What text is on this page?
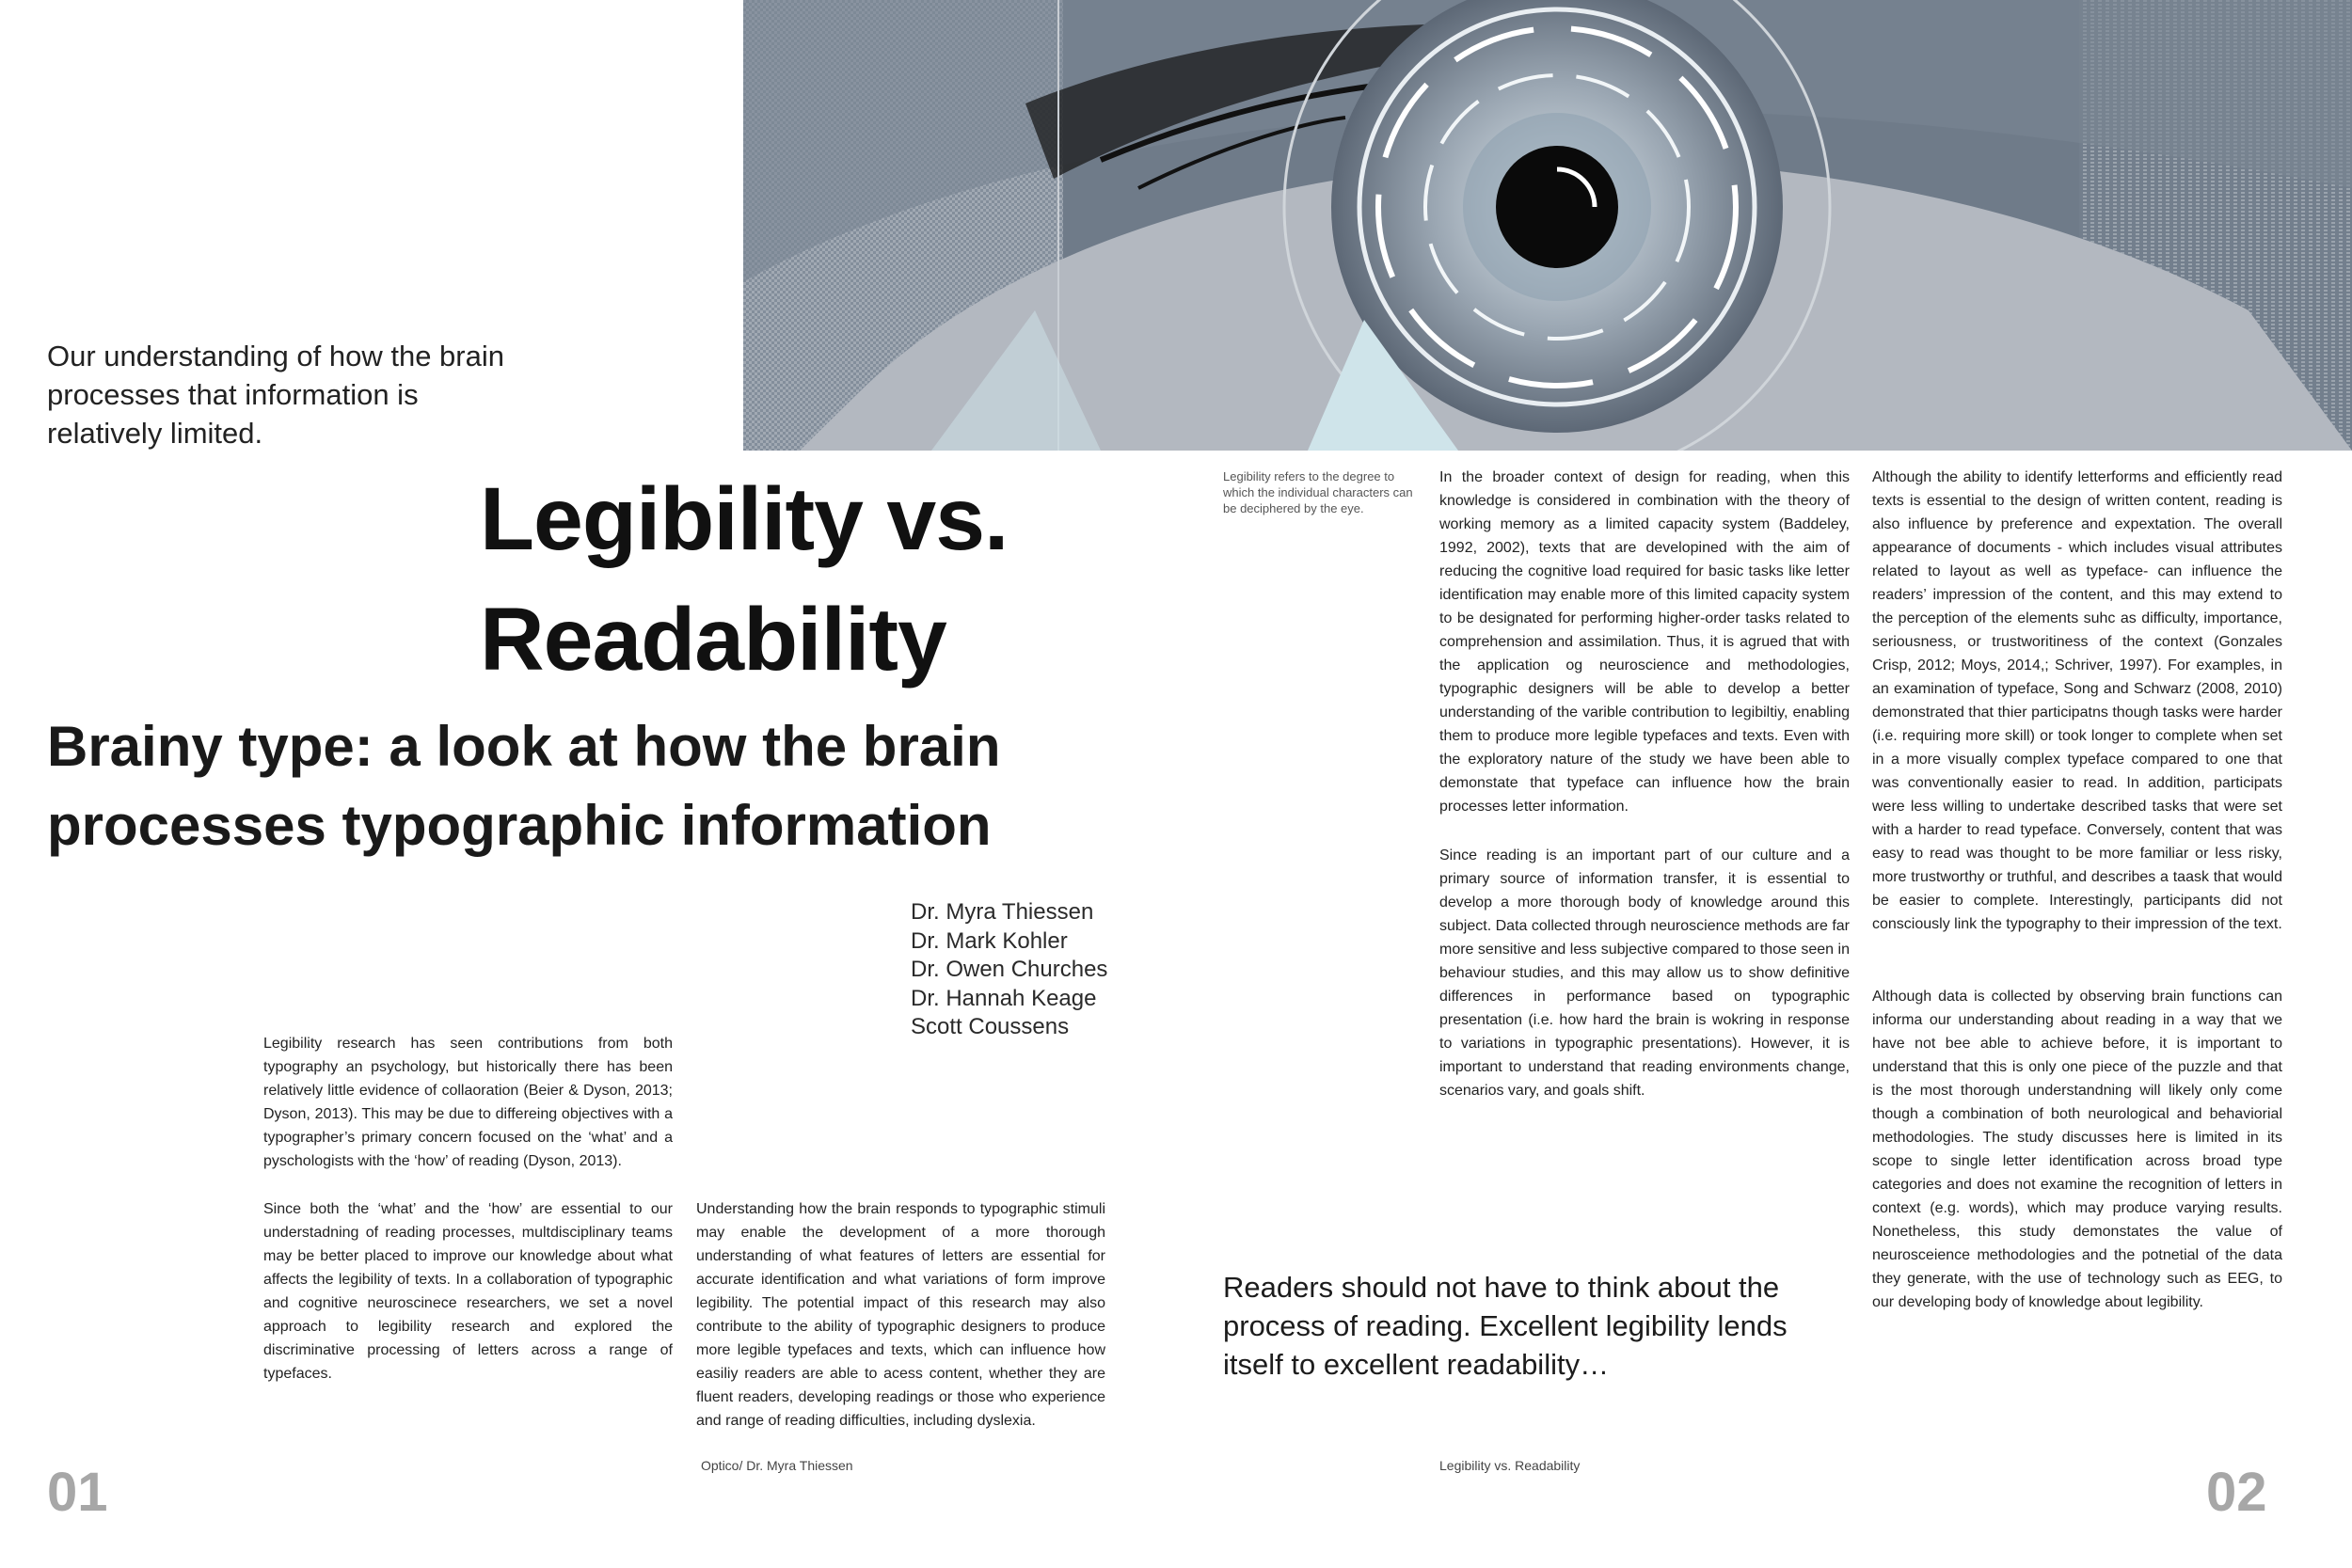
Our understanding of how the brain processes that information is relatively limited.

Legibility vs.
Readability
Brainy type: a look at how the brain
processes typographic information
Dr. Myra Thiessen
Dr. Mark Kohler
Dr. Owen Churches
Dr. Hannah Keage
Scott Coussens

Legibility research has seen contributions from both typography an psychology, but historically there has been relatively little evidence of collaoration (Beier & Dyson, 2013; Dyson, 2013). This may be due to differeing objectives with a typographer’s primary concern focused on the ‘what’ and a pyschologists with the ‘how’ of reading (Dyson, 2013).

Since both the ‘what’ and the ‘how’ are essential to our understadning of reading processes, multdisciplinary teams may be better placed to improve our knowledge about what affects the legibility of texts. In a collaboration of typographic and cognitive neuroscinece researchers, we set a novel approach to legibility research and explored the discriminative processing of letters across a range of typefaces.

Understanding how the brain responds to typographic stimuli may enable the development of a more thorough understanding of what features of letters are essential for accurate identification and what variations of form improve legibility. The potential impact of this research may also contribute to the ability of typographic designers to produce more legible typefaces and texts, which can influence how easiliy readers are able to acess content, whether they are fluent readers, developing readings or those who experience and range of reading difficulties, including dyslexia.

Optico/ Dr. Myra Thiessen
01

Legibility refers to the degree to which the individual characters can be deciphered by the eye.

In the broader context of design for reading, when this knowledge is considered in combination with the theory of working memory as a limited capacity system (Baddeley, 1992, 2002), texts that are developined with the aim of reducing the cognitive load required for basic tasks like letter identification may enable more of this limited capacity system to be designated for performing higher-order tasks related to comprehension and assimilation. Thus, it is agrued that with the application og neuroscience and methodologies, typographic designers will be able to develop a better understanding of the varible contribution to legibiltiy, enabling them to produce more legible typefaces and texts. Even with the exploratory nature of the study we have been able to demonstate that typeface can influence how the brain processes letter information.

Since reading is an important part of our culture and a primary source of information transfer, it is essential to develop a more thorough body of knowledge around this subject. Data collected through neuroscience methods are far more sensitive and less subjective compared to those seen in behaviour studies, and this may allow us to show definitive differences in performance based on typographic presentation (i.e. how hard the brain is wokring in response to variations in typographic presentations). However, it is important to understand that reading environments change, scenarios vary, and goals shift.

Although the ability to identify letterforms and efficiently read texts is essential to the design of written content, reading is also influence by preference and expextation. The overall appearance of documents - which includes visual attributes related to layout as well as typeface- can influence the readers’ impression of the content, and this may extend to the perception of the elements suhc as difficulty, importance, seriousness, or trustworitiness of the context (Gonzales Crisp, 2012; Moys, 2014,; Schriver, 1997). For examples, in an examination of typeface, Song and Schwarz (2008, 2010) demonstrated that thier participatns though tasks were harder (i.e. requiring more skill) or took longer to complete when set in a more visually complex typeface compared to one that was conventionally easier to read. In addition, participats were less willing to undertake described tasks that were set with a harder to read typeface. Conversely, content that was easy to read was thought to be more familiar or less risky, more trustworthy or truthful, and describes a taask that would be easier to complete. Interestingly, participants did not consciously link the typography to their impression of the text.

Although data is collected by observing brain functions can informa our understanding about reading in a way that we have not bee able to achieve before, it is important to understand that this is only one piece of the puzzle and that is the most thorough understandning will likely only come though a combination of both neurological and behaviorial methodologies. The study discusses here is limited in its scope to single letter identification across broad type categories and does not examine the recognition of letters in context (e.g. words), which may produce varying results. Nonetheless, this study demonstates the value of neurosceience methodologies and the potnetial of the data they generate, with the use of technology such as EEG, to our developing body of knowledge about legibility.

Readers should not have to think about the process of reading. Excellent legibility lends itself to excellent readability…

Legibility vs. Readability	02
